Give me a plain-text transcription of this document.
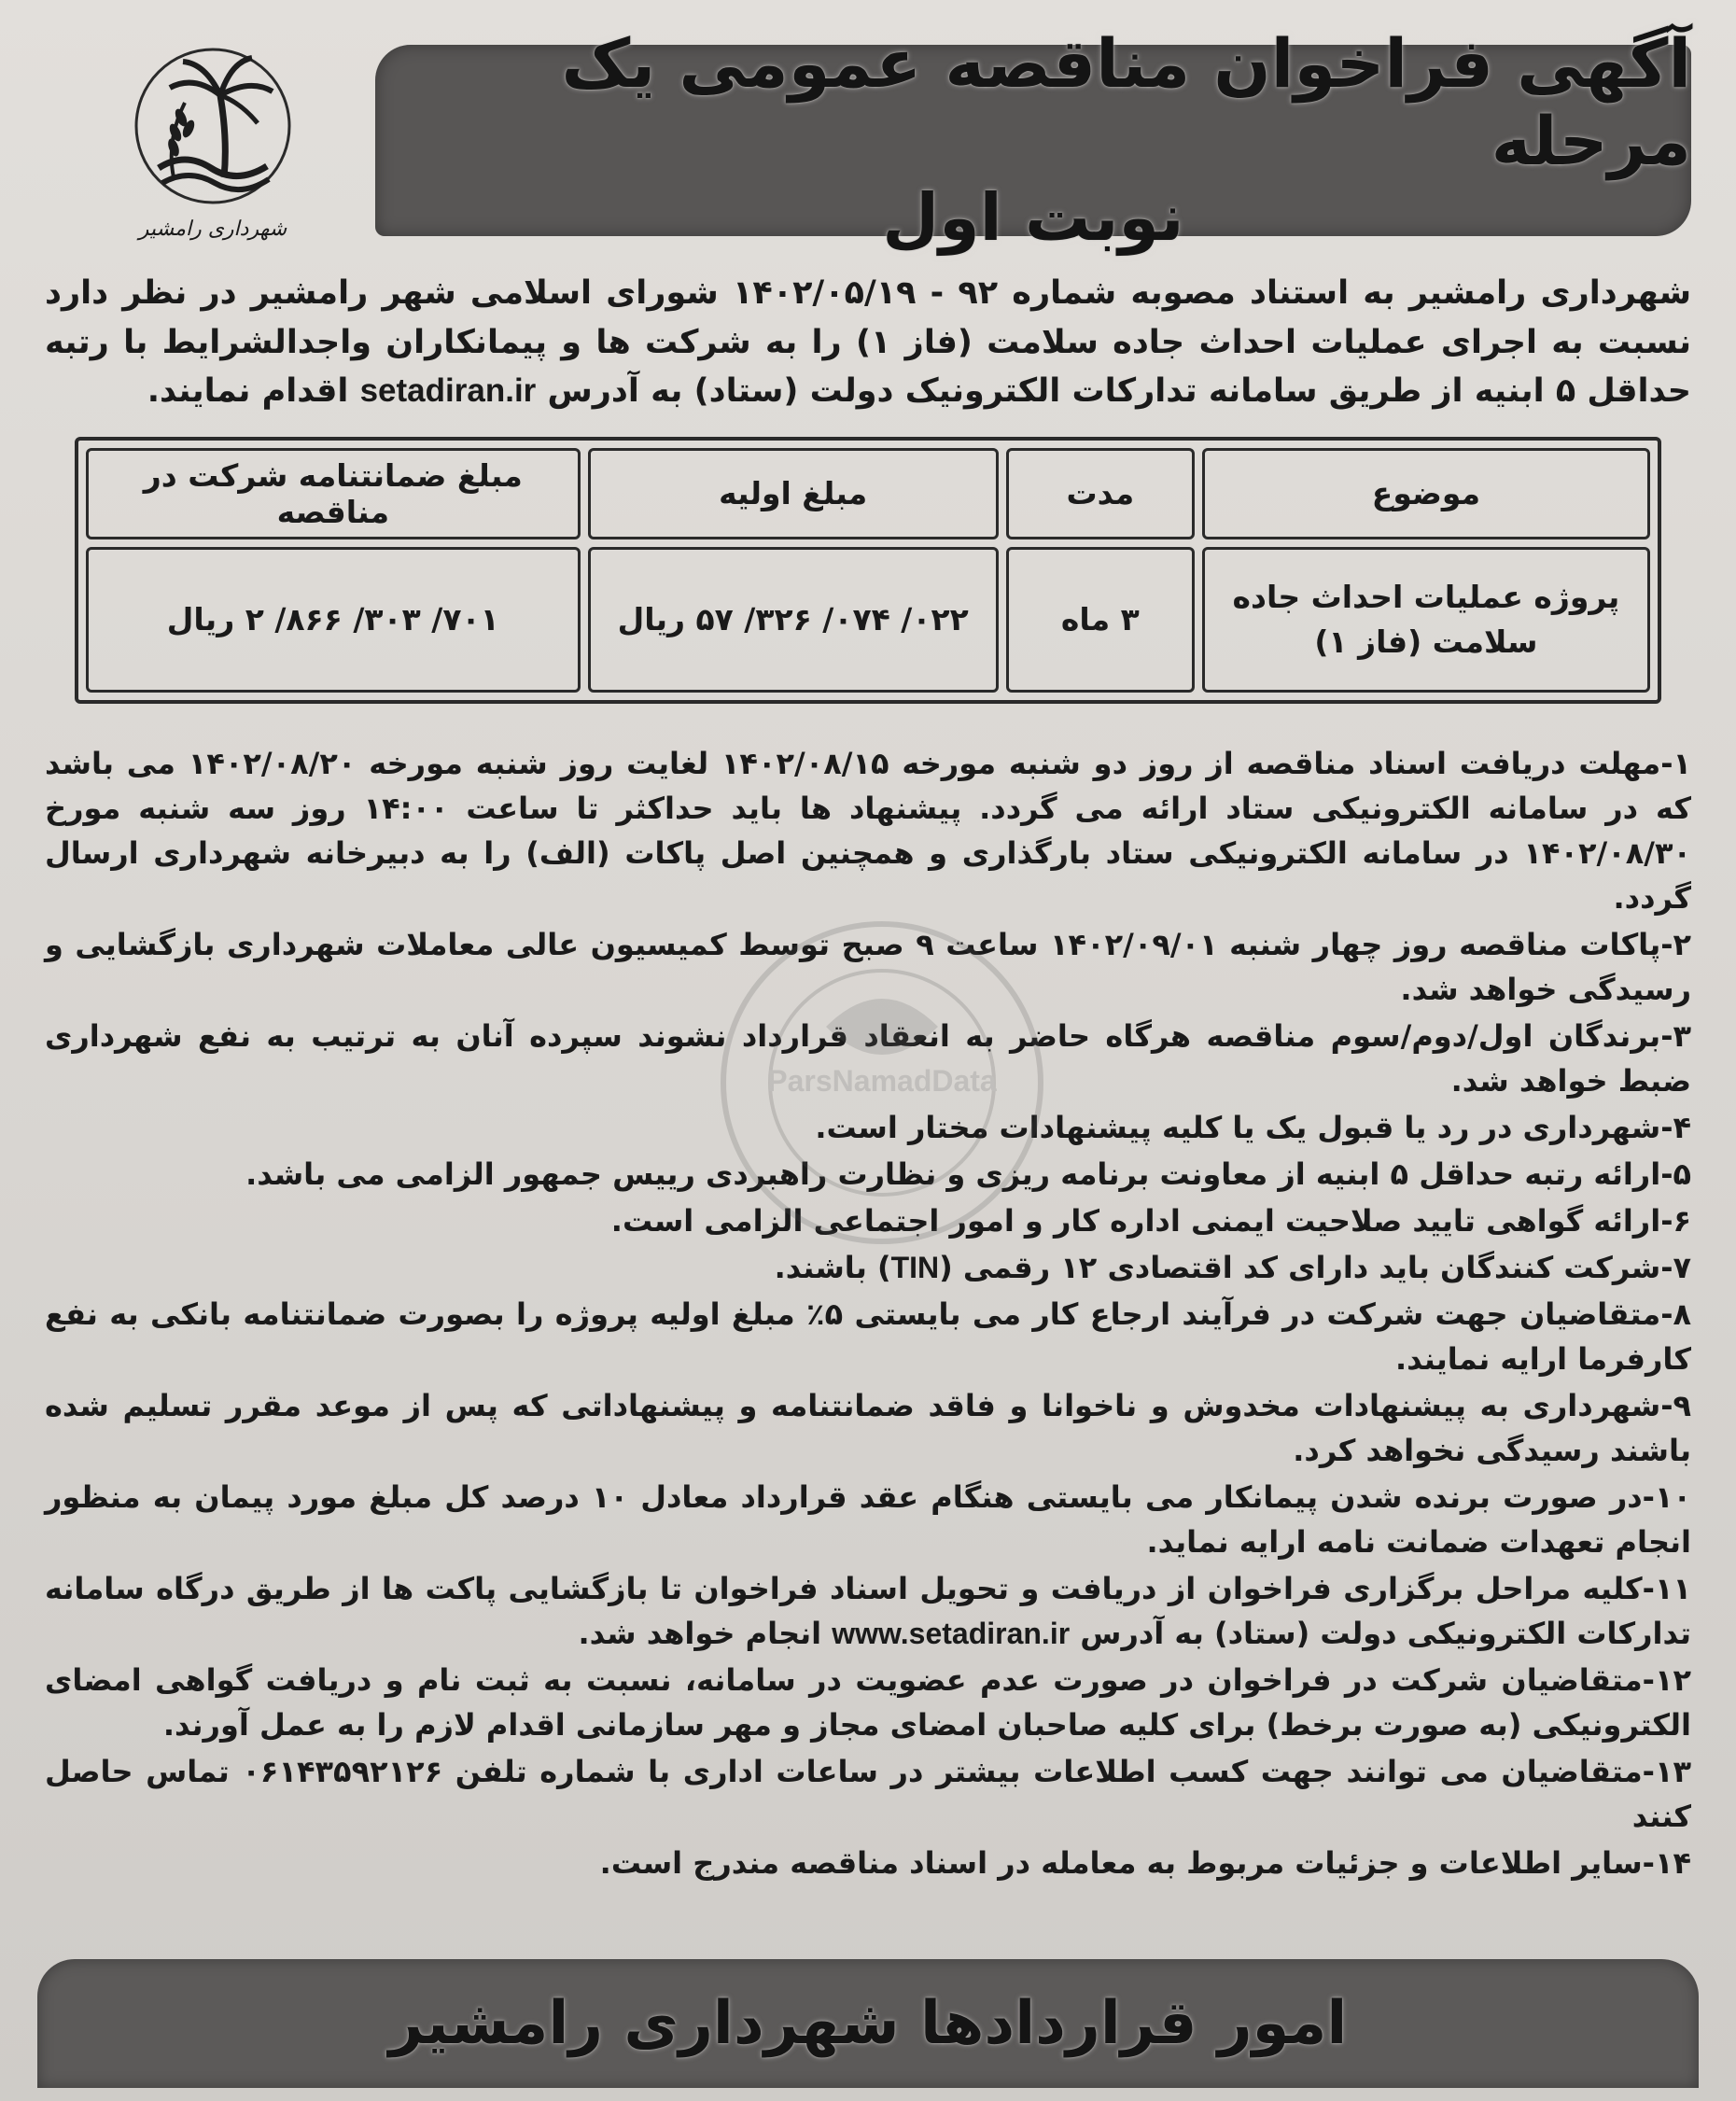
شهرداری رامشیر
آگهی فراخوان مناقصه عمومی یک مرحله
نوبت اول

شهرداری رامشیر به استناد مصوبه شماره ۹۲ - ۱۴۰۲/۰۵/۱۹ شورای اسلامی شهر رامشیر در نظر دارد نسبت به اجرای عملیات احداث جاده سلامت (فاز ۱) را به شرکت ها و پیمانکاران واجدالشرایط با رتبه حداقل ۵ ابنیه از طریق سامانه تدارکات الکترونیک دولت (ستاد) به آدرس setadiran.ir اقدام نمایند.

موضوع	مدت	مبلغ اولیه	مبلغ ضمانتنامه شرکت در مناقصه
پروژه عملیات احداث جاده سلامت (فاز ۱)	۳ ماه	۰۲۲/ ۰۷۴/ ۳۲۶/ ۵۷ ریال	۷۰۱/ ۳۰۳/ ۸۶۶/ ۲ ریال
۱-مهلت دریافت اسناد مناقصه از روز دو شنبه مورخه ۱۴۰۲/۰۸/۱۵ لغایت روز شنبه مورخه ۱۴۰۲/۰۸/۲۰ می باشد که در سامانه الکترونیکی ستاد ارائه می گردد. پیشنهاد ها باید حداکثر تا ساعت ۱۴:۰۰ روز سه شنبه مورخ ۱۴۰۲/۰۸/۳۰ در سامانه الکترونیکی ستاد بارگذاری و همچنین اصل پاکات (الف) را به دبیرخانه شهرداری ارسال گردد.
۲-پاکات مناقصه روز چهار شنبه ۱۴۰۲/۰۹/۰۱ ساعت ۹ صبح توسط کمیسیون عالی معاملات شهرداری بازگشایی و رسیدگی خواهد شد.
۳-برندگان اول/دوم/سوم مناقصه هرگاه حاضر به انعقاد قرارداد نشوند سپرده آنان به ترتیب به نفع شهرداری ضبط خواهد شد.
۴-شهرداری در رد یا قبول یک یا کلیه پیشنهادات مختار است.
۵-ارائه رتبه حداقل ۵ ابنیه از معاونت برنامه ریزی و نظارت راهبردی رییس جمهور الزامی می باشد.
۶-ارائه گواهی تایید صلاحیت ایمنی اداره کار و امور اجتماعی الزامی است.
۷-شرکت کنندگان باید دارای کد اقتصادی ۱۲ رقمی (TIN) باشند.
۸-متقاضیان جهت شرکت در فرآیند ارجاع کار می بایستی ۵٪ مبلغ اولیه پروژه را بصورت ضمانتنامه بانکی به نفع کارفرما ارایه نمایند.
۹-شهرداری به پیشنهادات مخدوش و ناخوانا و فاقد ضمانتنامه و پیشنهاداتی که پس از موعد مقرر تسلیم شده باشند رسیدگی نخواهد کرد.
۱۰-در صورت برنده شدن پیمانکار می بایستی هنگام عقد قرارداد معادل ۱۰ درصد کل مبلغ مورد پیمان به منظور انجام تعهدات ضمانت نامه ارایه نماید.
۱۱-کلیه مراحل برگزاری فراخوان از دریافت و تحویل اسناد فراخوان تا بازگشایی پاکت ها از طریق درگاه سامانه تدارکات الکترونیکی دولت (ستاد) به آدرس www.setadiran.ir انجام خواهد شد.
۱۲-متقاضیان شرکت در فراخوان در صورت عدم عضویت در سامانه، نسبت به ثبت نام و دریافت گواهی امضای الکترونیکی (به صورت برخط) برای کلیه صاحبان امضای مجاز و مهر سازمانی اقدام لازم را به عمل آورند.
۱۳-متقاضیان می توانند جهت کسب اطلاعات بیشتر در ساعات اداری با شماره تلفن ۰۶۱۴۳۵۹۲۱۲۶ تماس حاصل کنند
۱۴-سایر اطلاعات و جزئیات مربوط به معامله در اسناد مناقصه مندرج است.
ParsNamadData
امور قراردادها شهرداری رامشیر
